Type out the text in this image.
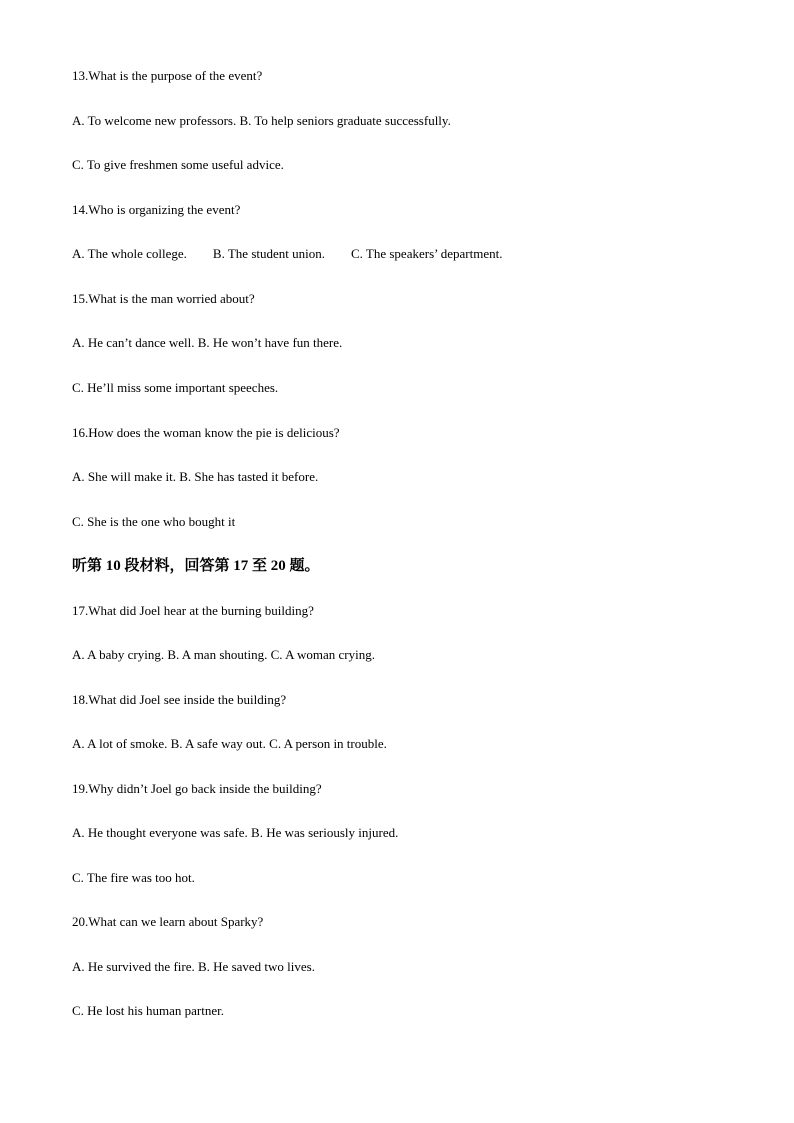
13.What is the purpose of the event?
A. To welcome new professors. B. To help seniors graduate successfully.
C. To give freshmen some useful advice.
14.Who is organizing the event?
A. The whole college.        B. The student union.        C. The speakers’ department.
15.What is the man worried about?
A. He can’t dance well. B. He won’t have fun there.
C. He’ll miss some important speeches.
16.How does the woman know the pie is delicious?
A. She will make it. B. She has tasted it before.
C. She is the one who bought it
听第 10 段材料，回答第 17 至 20 题。
17.What did Joel hear at the burning building?
A. A baby crying. B. A man shouting. C. A woman crying.
18.What did Joel see inside the building?
A. A lot of smoke. B. A safe way out. C. A person in trouble.
19.Why didn’t Joel go back inside the building?
A. He thought everyone was safe. B. He was seriously injured.
C. The fire was too hot.
20.What can we learn about Sparky?
A. He survived the fire. B. He saved two lives.
C. He lost his human partner.
